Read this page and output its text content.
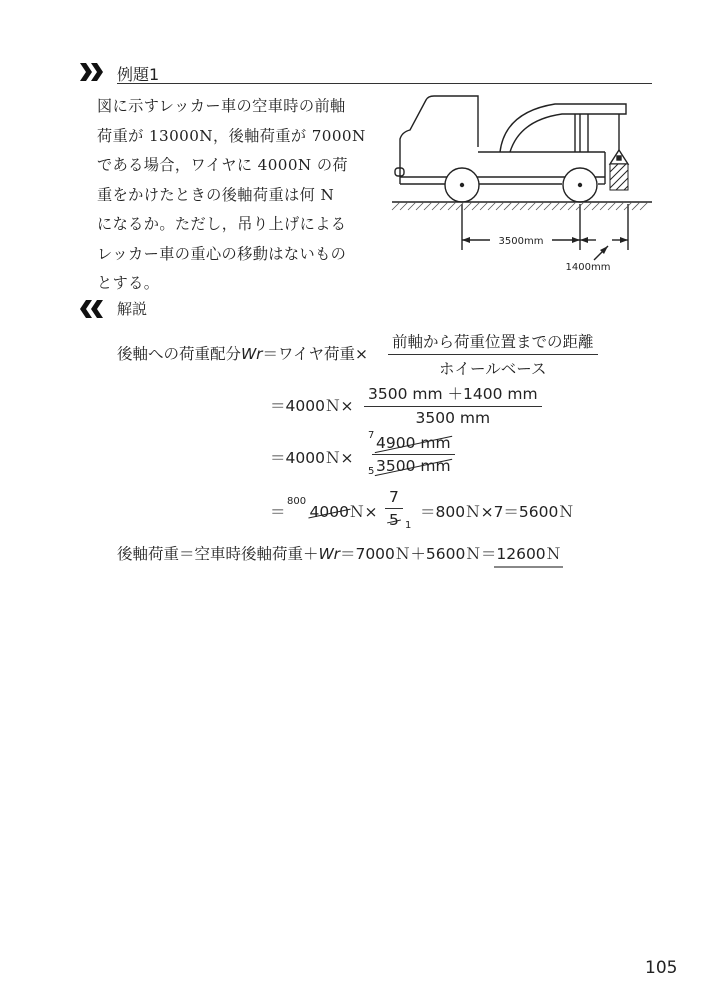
例題1
図に示すレッカー車の空車時の前軸
荷重が 13000N，後軸荷重が 7000N
である場合，ワイヤに 4000N の荷
重をかけたときの後軸荷重は何 N
になるか。ただし，吊り上げによる
レッカー車の重心の移動はないもの
とする。
3500mm
1400mm
解説
後軸への荷重配分Wr＝ワイヤ荷重×
前軸から荷重位置までの距離
ホイールベース
＝4000Ｎ× $\frac{3500 mm +1400 mm}{3500 mm}$
＝4000Ｎ× $\frac{4900 mm}{3500 mm}$
7
5
＝ 4000Ｎ×
800	$\frac{7}{5} 1$
＝800Ｎ×7＝5600Ｎ
後軸荷重＝空車時後軸荷重＋Wr＝7000Ｎ＋5600Ｎ＝12600Ｎ
105
